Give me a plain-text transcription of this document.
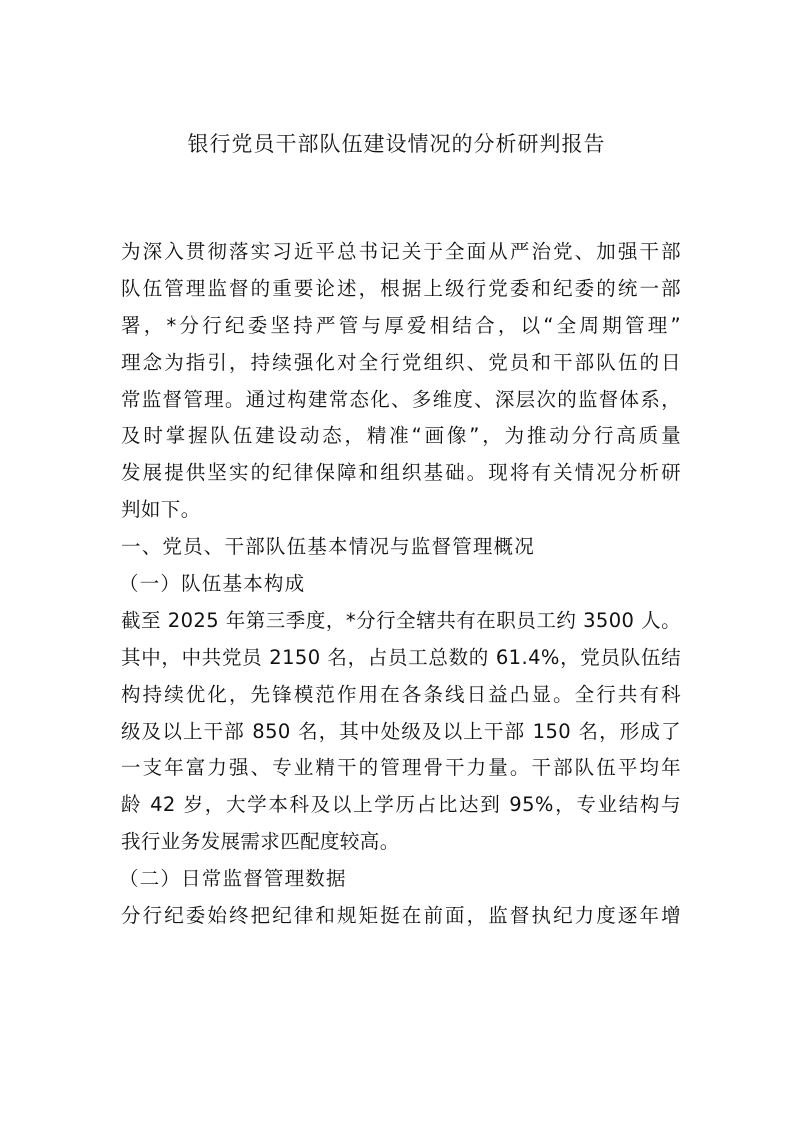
银行党员干部队伍建设情况的分析研判报告
为深入贯彻落实习近平总书记关于全面从严治党、加强干部
队伍管理监督的重要论述，根据上级行党委和纪委的统一部
署，*分行纪委坚持严管与厚爱相结合，以“全周期管理”
理念为指引，持续强化对全行党组织、党员和干部队伍的日
常监督管理。通过构建常态化、多维度、深层次的监督体系，
及时掌握队伍建设动态，精准“画像”，为推动分行高质量
发展提供坚实的纪律保障和组织基础。现将有关情况分析研
判如下。
一、党员、干部队伍基本情况与监督管理概况
（一）队伍基本构成
截至 2025 年第三季度，*分行全辖共有在职员工约 3500 人。
其中，中共党员 2150 名，占员工总数的 61.4%，党员队伍结
构持续优化，先锋模范作用在各条线日益凸显。全行共有科
级及以上干部 850 名，其中处级及以上干部 150 名，形成了
一支年富力强、专业精干的管理骨干力量。干部队伍平均年
龄 42 岁，大学本科及以上学历占比达到 95%，专业结构与
我行业务发展需求匹配度较高。
（二）日常监督管理数据
分行纪委始终把纪律和规矩挺在前面，监督执纪力度逐年增
